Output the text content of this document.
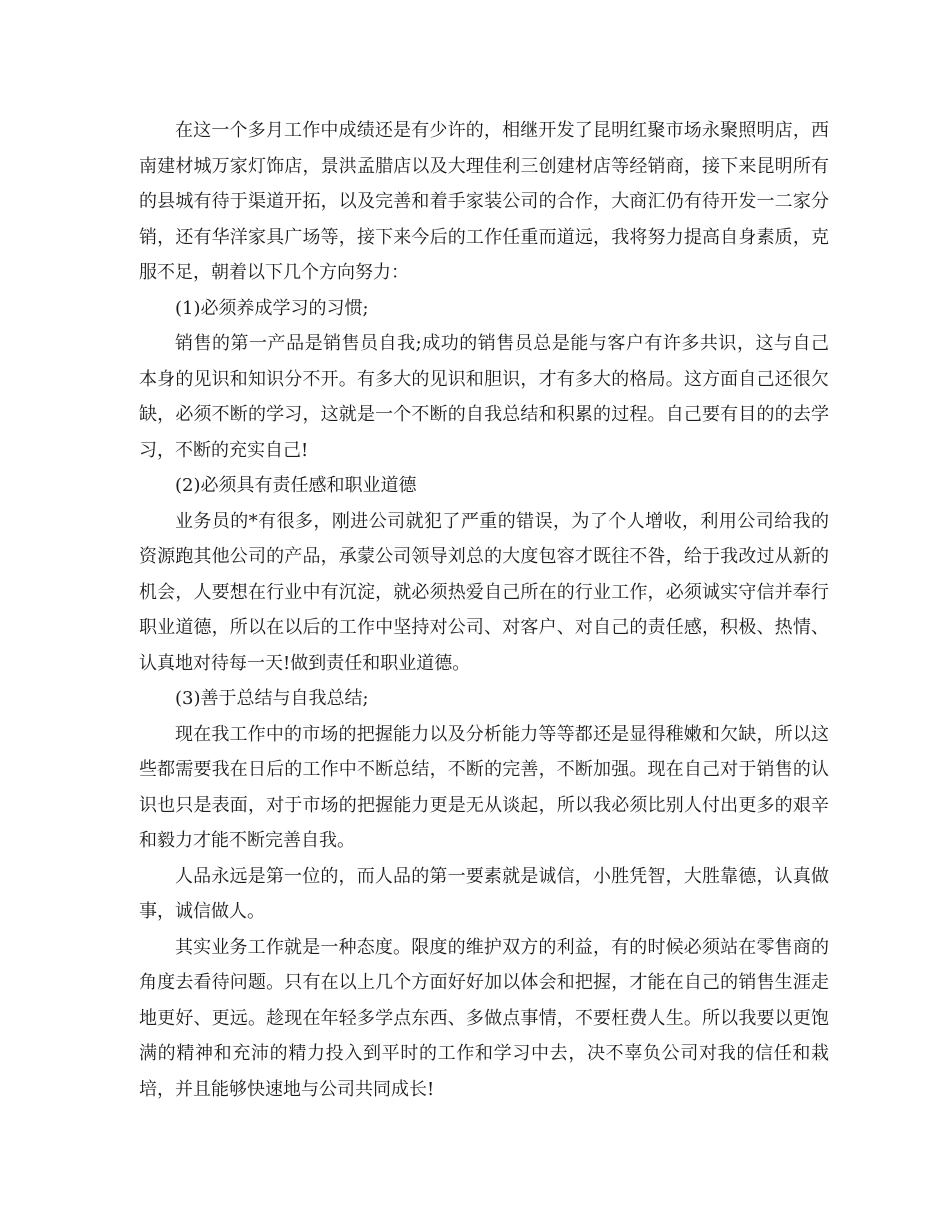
在这一个多月工作中成绩还是有少许的，相继开发了昆明红聚市场永聚照明店，西南建材城万家灯饰店，景洪孟腊店以及大理佳利三创建材店等经销商，接下来昆明所有的县城有待于渠道开拓，以及完善和着手家装公司的合作，大商汇仍有待开发一二家分销，还有华洋家具广场等，接下来今后的工作任重而道远，我将努力提高自身素质，克服不足，朝着以下几个方向努力：

(1)必须养成学习的习惯;

销售的第一产品是销售员自我;成功的销售员总是能与客户有许多共识，这与自己本身的见识和知识分不开。有多大的见识和胆识，才有多大的格局。这方面自己还很欠缺，必须不断的学习，这就是一个不断的自我总结和积累的过程。自己要有目的的去学习，不断的充实自己!

(2)必须具有责任感和职业道德

业务员的*有很多，刚进公司就犯了严重的错误，为了个人增收，利用公司给我的资源跑其他公司的产品，承蒙公司领导刘总的大度包容才既往不咎，给于我改过从新的机会，人要想在行业中有沉淀，就必须热爱自己所在的行业工作，必须诚实守信并奉行职业道德，所以在以后的工作中坚持对公司、对客户、对自己的责任感，积极、热情、认真地对待每一天!做到责任和职业道德。

(3)善于总结与自我总结;

现在我工作中的市场的把握能力以及分析能力等等都还是显得稚嫩和欠缺，所以这些都需要我在日后的工作中不断总结，不断的完善，不断加强。现在自己对于销售的认识也只是表面，对于市场的把握能力更是无从谈起，所以我必须比别人付出更多的艰辛和毅力才能不断完善自我。

人品永远是第一位的，而人品的第一要素就是诚信，小胜凭智，大胜靠德，认真做事，诚信做人。

其实业务工作就是一种态度。限度的维护双方的利益，有的时候必须站在零售商的角度去看待问题。只有在以上几个方面好好加以体会和把握，才能在自己的销售生涯走地更好、更远。趁现在年轻多学点东西、多做点事情，不要枉费人生。所以我要以更饱满的精神和充沛的精力投入到平时的工作和学习中去，决不辜负公司对我的信任和栽培，并且能够快速地与公司共同成长!
